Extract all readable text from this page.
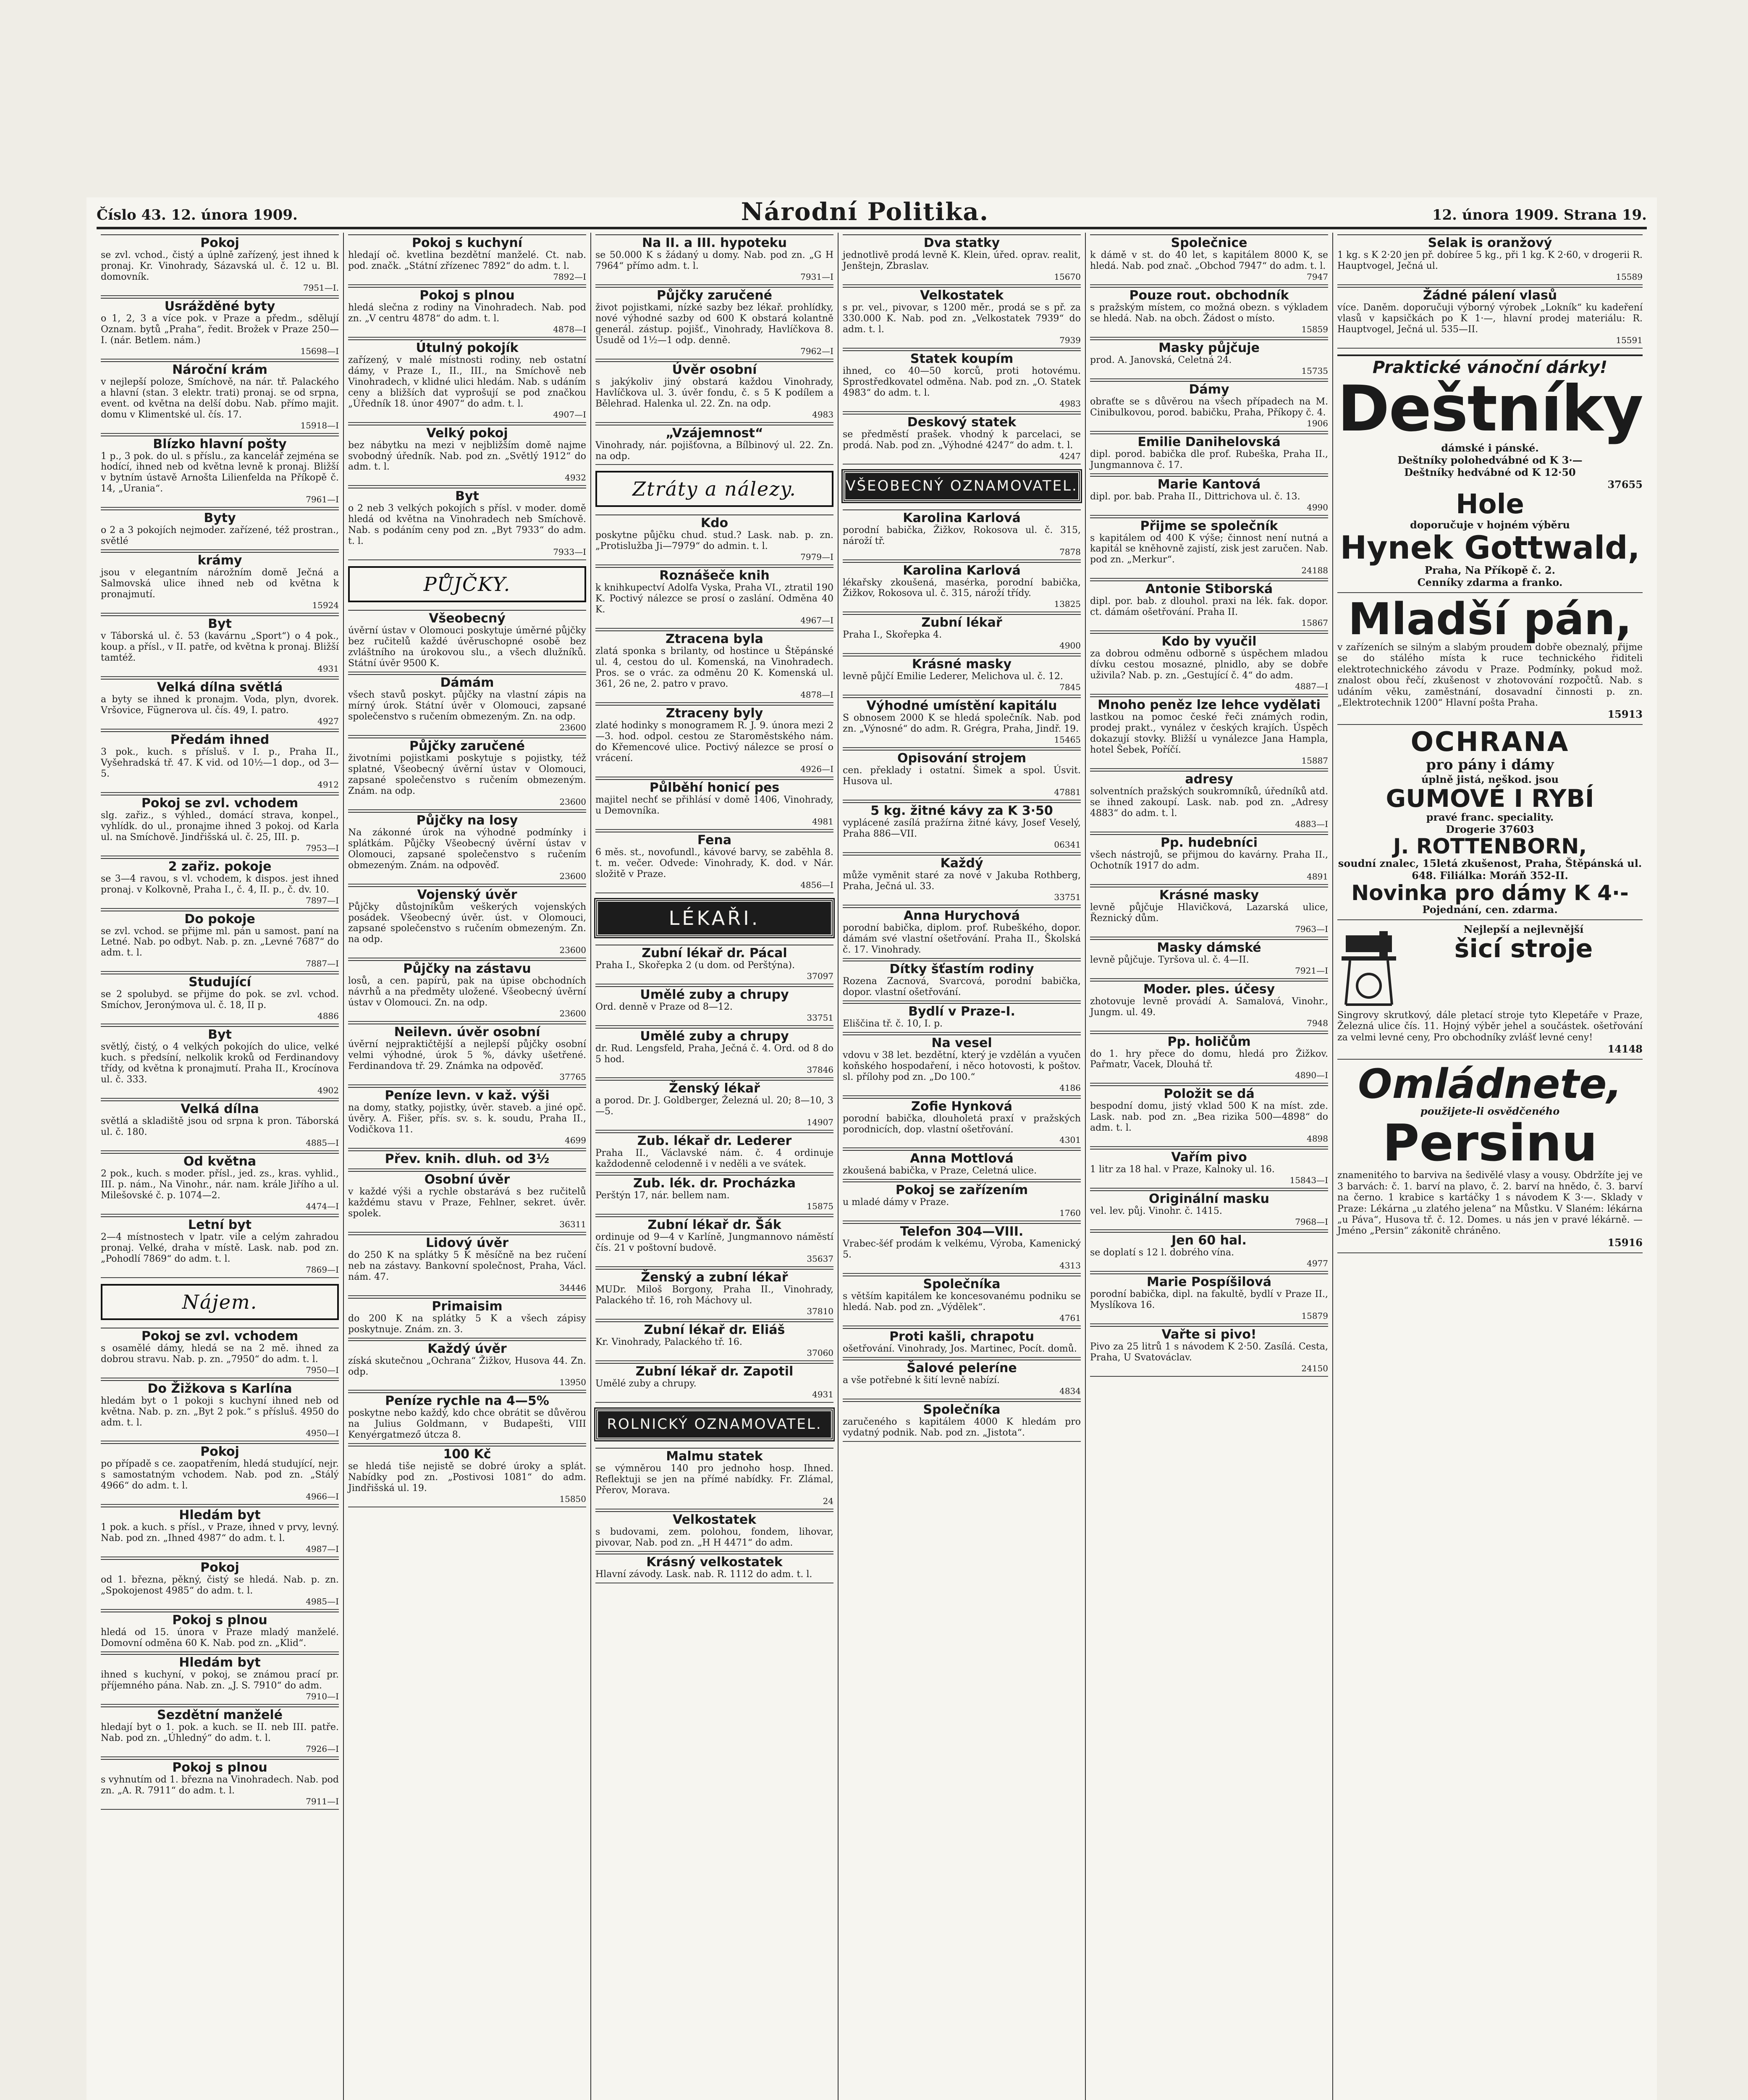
Číslo 43. 12. února 1909.	Národní Politika.	12. února 1909. Strana 19.
Pokoj

se zvl. vchod., čistý a úplně zařízený, jest ihned k pronaj. Kr. Vinohrady, Sázavská ul. č. 12 u. Bl. domovník.

7951—I.
Usrážděné byty

o 1, 2, 3 a více pok. v Praze a předm., sdělují Oznam. bytů „Praha“, ředit. Brožek v Praze 250—I. (nár. Betlem. nám.)

15698—I
Nároční krám

v nejlepší poloze, Smíchově, na nár. tř. Palackého a hlavní (stan. 3 elektr. trati) pronaj. se od srpna, event. od května na delší dobu. Nab. přímo majit. domu v Klimentské ul. čís. 17.

15918—I
Blízko hlavní pošty

1 p., 3 pok. do ul. s příslu., za kancelář zejména se hodící, ihned neb od května levně k pronaj. Bližší v bytním ústavě Arnošta Lilienfelda na Příkopě č. 14, „Urania“.

7961—I
Byty

o 2 a 3 pokojích nejmoder. zařízené, též prostran., světlé

krámy

jsou v elegantním nárožním domě Ječná a Salmovská ulice ihned neb od května k pronajmutí.

15924
Byt

v Táborská ul. č. 53 (kavárnu „Sport“) o 4 pok., koup. a přísl., v II. patře, od května k pronaj. Bližší tamtéž.

4931
Velká dílna světlá

a byty se ihned k pronajm. Voda, plyn, dvorek. Vršovice, Fügnerova ul. čís. 49, I. patro.

4927
Předám ihned

3 pok., kuch. s přísluš. v I. p., Praha II., Vyšehradská tř. 47. K vid. od 10½—1 dop., od 3—5.

4912
Pokoj se zvl. vchodem

slg. zařiz., s výhled., domácí strava, konpel., vyhlídk. do ul., pronajme ihned 3 pokoj. od Karla ul. na Smíchově. Jindřišská ul. č. 25, III. p.

7953—I
2 zařiz. pokoje

se 3—4 ravou, s vl. vchodem, k dispos. jest ihned pronaj. v Kolkovně, Praha I., č. 4, II. p., č. dv. 10.

7897—I
Do pokoje

se zvl. vchod. se přijme ml. pán u samost. paní na Letné. Nab. po odbyt. Nab. p. zn. „Levné 7687“ do adm. t. l.

7887—I
Studující

se 2 spolubyd. se přijme do pok. se zvl. vchod. Smíchov, Jeronýmova ul. č. 18, II p.

4886
Byt

světlý, čistý, o 4 velkých pokojích do ulice, velké kuch. s předsíní, nelkolik kroků od Ferdinandovy třídy, od května k pronajmutí. Praha II., Krocínova ul. č. 333.

4902
Velká dílna

světlá a skladiště jsou od srpna k pron. Táborská ul. č. 180.

4885—I
Od května

2 pok., kuch. s moder. přísl., jed. zs., kras. vyhlid., III. p. nám., Na Vinohr., nár. nam. krále Jiřího a ul. Milešovské č. p. 1074—2.

4474—I
Letní byt

2—4 místnostech v lpatr. vile a celým zahradou pronaj. Velké, draha v místě. Lask. nab. pod zn. „Pohodlí 7869“ do adm. t. l.

7869—I
Nájem.
Pokoj se zvl. vchodem

s osamělé dámy, hledá se na 2 mě. ihned za dobrou stravu. Nab. p. zn. „7950“ do adm. t. l.

7950—I
Do Žižkova s Karlína

hledám byt o 1 pokoji s kuchyní ihned neb od května. Nab. p. zn. „Byt 2 pok.“ s přísluš. 4950 do adm. t. l.

4950—I
Pokoj

po případě s ce. zaopatřením, hledá studující, nejr. s samostatným vchodem. Nab. pod zn. „Stálý 4966“ do adm. t. l.

4966—I
Hledám byt

1 pok. a kuch. s přísl., v Praze, ihned v prvy, levný. Nab. pod zn. „Ihned 4987“ do adm. t. l.

4987—I
Pokoj

od 1. března, pěkný, čistý se hledá. Nab. p. zn. „Spokojenost 4985“ do adm. t. l.

4985—I
Pokoj s plnou

hledá od 15. února v Praze mladý manželé. Domovní odměna 60 K. Nab. pod zn. „Klid“.

Hledám byt

ihned s kuchyní, v pokoj, se známou prací pr. příjemného pána. Nab. zn. „J. S. 7910“ do adm.

7910—I
Sezdětní manželé

hledají byt o 1. pok. a kuch. se II. neb III. patře. Nab. pod zn. „Úhledný“ do adm. t. l.

7926—I
Pokoj s plnou

s vyhnutím od 1. března na Vinohradech. Nab. pod zn. „A. R. 7911“ do adm. t. l.

7911—I
Pokoj s kuchyní

hledají oč. kvetlina bezdětní manželé. Ct. nab. pod. značk. „Státní zřízenec 7892“ do adm. t. l.

7892—I
Pokoj s plnou

hledá slečna z rodiny na Vinohradech. Nab. pod zn. „V centru 4878“ do adm. t. l.

4878—I
Útulný pokojík

zařízený, v malé místnosti rodiny, neb ostatní dámy, v Praze I., II., III., na Smíchově neb Vinohradech, v klidné ulici hledám. Nab. s udáním ceny a bližších dat vyprošují se pod značkou „Úředník 18. únor 4907“ do adm. t. l.

4907—I
Velký pokoj

bez nábytku na mezi v nejbližším domě najme svobodný úředník. Nab. pod zn. „Světlý 1912“ do adm. t. l.

4932
Byt

o 2 neb 3 velkých pokojích s přísl. v moder. domě hledá od května na Vinohradech neb Smíchově. Nab. s podáním ceny pod zn. „Byt 7933“ do adm. t. l.

7933—I
PŮJČKY.
Všeobecný

úvěrní ústav v Olomouci poskytuje úměrné půjčky bez ručitelů každé úvěruschopné osobě bez zvláštního na úrokovou slu., a všech dlužníků. Státní úvěr 9500 K.

Dámám

všech stavů poskyt. půjčky na vlastní zápis na mírný úrok. Státní úvěr v Olomouci, zapsané společenstvo s ručením obmezeným. Zn. na odp.

23600
Půjčky zaručené

životními pojistkami poskytuje s pojistky, též splatné, Všeobecný úvěrní ústav v Olomouci, zapsané společenstvo s ručením obmezeným. Znám. na odp.

23600
Půjčky na losy

Na zákonné úrok na výhodné podmínky i splátkám. Půjčky Všeobecný úvěrní ústav v Olomouci, zapsané společenstvo s ručením obmezeným. Znám. na odpověď.

23600
Vojenský úvěr

Půjčky důstojníkům veškerých vojenských posádek. Všeobecný úvěr. úst. v Olomouci, zapsané společenstvo s ručením obmezeným. Zn. na odp.

23600
Půjčky na zástavu

losů, a cen. papírů, pak na úpise obchodních návrhů a na předměty uložené. Všeobecný úvěrní ústav v Olomouci. Zn. na odp.

23600
Neilevn. úvěr osobní

úvěrní nejpraktičtější a nejlepší půjčky osobní velmi výhodné, úrok 5 %, dávky ušetřené. Ferdinandova tř. 29. Známka na odpověď.

37765
Peníze levn. v kaž. výši

na domy, statky, pojistky, úvěr. staveb. a jiné opč. úvěry. A. Fišer, přís. sv. s. k. soudu, Praha II., Vodičkova 11.

4699
Přev. knih. dluh. od 3½

Osobní úvěr

v každé výši a rychle obstarává s bez ručitelů každému stavu v Praze, Fehlner, sekret. úvěr. spolek.

36311
Lidový úvěr

do 250 K na splátky 5 K měsíčně na bez ručení neb na zástavy. Bankovní společnost, Praha, Václ. nám. 47.

34446
Primaisim

do 200 K na splátky 5 K a všech zápisy poskytnuje. Znám. zn. 3.

Každý úvěr

získá skutečnou „Ochrana“ Žižkov, Husova 44. Zn. odp.

13950
Peníze rychle na 4—5%

poskytne nebo každý, kdo chce obrátit se důvěrou na Julius Goldmann, v Budapešti, VIII Kenyérgatmező útcza 8.

100 Kč

se hledá tiše nejistě se dobré úroky a splát. Nabídky pod zn. „Postivosi 1081“ do adm. Jindřišská ul. 19.

15850
Na II. a III. hypoteku

se 50.000 K s žádaný u domy. Nab. pod zn. „G H 7964“ přímo adm. t. l.

7931—I
Půjčky zaručené

život pojistkami, nízké sazby bez lékař. prohlídky, nové výhodné sazby od 600 K obstará kolantně generál. zástup. pojišť., Vinohrady, Havlíčkova 8. Úsudě od 1½—1 odp. denně.

7962—I
Úvěr osobní

s jakýkoliv jiný obstará každou Vinohrady, Havlíčkova ul. 3. úvěr fondu, č. s 5 K podílem a Bělehrad. Halenka ul. 22. Zn. na odp.

4983
„Vzájemnost“

Vinohrady, nár. pojišťovna, a Bílbinový ul. 22. Zn. na odp.

Ztráty a nálezy.
Kdo

poskytne půjčku chud. stud.? Lask. nab. p. zn. „Protislužba Ji—7979“ do admin. t. l.

7979—I
Roznášeče knih

k knihkupectví Adolfa Vyska, Praha VI., ztratil 190 K. Poctivý nálezce se prosí o zaslání. Odměna 40 K.

4967—I
Ztracena byla

zlatá sponka s brilanty, od hostince u Štěpánské ul. 4, cestou do ul. Komenská, na Vinohradech. Pros. se o vrác. za odměnu 20 K. Komenská ul. 361, 26 ne, 2. patro v pravo.

4878—I
Ztraceny byly

zlaté hodinky s monogramem R. J. 9. února mezi 2—3. hod. odpol. cestou ze Staroměstského nám. do Křemencové ulice. Poctivý nálezce se prosí o vrácení.

4926—I
Půlběhí honicí pes

majitel nechť se přihlásí v domě 1406, Vinohrady, u Demovníka.

4981
Fena

6 měs. st., novofundl., kávové barvy, se zaběhla 8. t. m. večer. Odvede: Vinohrady, K. dod. v Nár. složitě v Praze.

4856—I
LÉKAŘI.
Zubní lékař dr. Pácal

Praha I., Skořepka 2 (u dom. od Perštýna).

37097
Umělé zuby a chrupy

Ord. denně v Praze od 8—12.

33751
Umělé zuby a chrupy

dr. Rud. Lengsfeld, Praha, Ječná č. 4. Ord. od 8 do 5 hod.

37846
Ženský lékař

a porod. Dr. J. Goldberger, Železná ul. 20; 8—10, 3—5.

14907
Zub. lékař dr. Lederer

Praha II., Václavské nám. č. 4 ordinuje každodenně celodenně i v neděli a ve svátek.

Zub. lék. dr. Procházka

Perštýn 17, nár. bellem nam.

15875
Zubní lékař dr. Šák

ordinuje od 9—4 v Karlíně, Jungmannovo náměstí čís. 21 v poštovní budově.

35637
Ženský a zubní lékař

MUDr. Miloš Borgony, Praha II., Vinohrady, Palackého tř. 16, roh Máchovy ul.

37810
Zubní lékař dr. Eliáš

Kr. Vinohrady, Palackého tř. 16.

37060
Zubní lékař dr. Zapotil

Umělé zuby a chrupy.

4931
ROLNICKÝ OZNAMOVATEL.
Malmu statek

se výmněrou 140 pro jednoho hosp. Ihned. Reflektuji se jen na přímé nabídky. Fr. Zlámal, Přerov, Morava.

24
Velkostatek

s budovami, zem. polohou, fondem, lihovar, pivovar, Nab. pod zn. „H H 4471“ do adm.

Krásný velkostatek

Hlavní závody. Lask. nab. R. 1112 do adm. t. l.

Dva statky

jednotlivě prodá levně K. Klein, úřed. oprav. realit, Jenštejn, Zbraslav.

15670
Velkostatek

s pr. vel., pivovar, s 1200 měr., prodá se s př. za 330.000 K. Nab. pod zn. „Velkostatek 7939“ do adm. t. l.

7939
Statek koupím

ihned, co 40—50 korců, proti hotovému. Sprostředkovatel odměna. Nab. pod zn. „O. Statek 4983“ do adm. t. l.

4983
Deskový statek

se předměstí prašek. vhodný k parcelaci, se prodá. Nab. pod zn. „Výhodné 4247“ do adm. t. l.

4247
VŠEOBECNÝ OZNAMOVATEL.
Karolina Karlová

porodní babička, Žižkov, Rokosova ul. č. 315, nároží tř.

7878
Karolina Karlová

lékařsky zkoušená, masérka, porodní babička, Žižkov, Rokosova ul. č. 315, nároží třídy.

13825
Zubní lékař

Praha I., Skořepka 4.

4900
Krásné masky

levně půjčí Emilie Lederer, Melichova ul. č. 12.

7845
Výhodné umístění kapitálu

S obnosem 2000 K se hledá společník. Nab. pod zn. „Výnosné“ do adm. R. Grégra, Praha, Jindř. 19.

15465
Opisování strojem

cen. překlady i ostatní. Šimek a spol. Úsvit. Husova ul.

47881
5 kg. žitné kávy za K 3·50

vyplácené zasílá pražírna žitné kávy, Josef Veselý, Praha 886—VII.

06341
Každý

může vyměnit staré za nové v Jakuba Rothberg, Praha, Ječná ul. 33.

33751
Anna Hurychová

porodní babička, diplom. prof. Rubeškého, dopor. dámám své vlastní ošetřování. Praha II., Školská č. 17. Vinohrady.

Dítky šťastím rodiny

Rozena Zacnová, Svarcová, porodní babička, dopor. vlastní ošetřování.

Bydlí v Praze-I.

Eliščina tř. č. 10, I. p.

Na vesel

vdovu v 38 let. bezdětní, který je vzdělán a vyučen koňského hospodaření, i něco hotovosti, k poštov. sl. přílohy pod zn. „Do 100.“

4186
Zofie Hynková

porodní babička, dlouholetá praxí v pražských porodnicích, dop. vlastní ošetřování.

4301
Anna Mottlová

zkoušená babička, v Praze, Celetná ulice.

Pokoj se zařízením

u mladé dámy v Praze.

1760
Telefon 304—VIII.

Vrabec-šéf prodám k velkému, Výroba, Kamenický 5.

4313
Společníka

s větším kapitálem ke koncesovanému podniku se hledá. Nab. pod zn. „Výdělek“.

4761
Proti kašli, chrapotu

ošetřování. Vinohrady, Jos. Martinec, Pocít. domů.

Šalové peleríne

a vše potřebné k šití levně nabízí.

4834
Společníka

zaručeného s kapitálem 4000 K hledám pro vydatný podnik. Nab. pod zn. „Jistota“.

Společnice

k dámě v st. do 40 let, s kapitálem 8000 K, se hledá. Nab. pod znač. „Obchod 7947“ do adm. t. l.

7947
Pouze rout. obchodník

s pražským místem, co možná obezn. s výkladem se hledá. Nab. na obch. Žádost o místo.

15859
Masky půjčuje

prod. A. Janovská, Celetná 24.

15735
Dámy

obraťte se s důvěrou na všech případech na M. Cinibulkovou, porod. babičku, Praha, Příkopy č. 4.

1906
Emilie Danihelovská

dipl. porod. babička dle prof. Rubeška, Praha II., Jungmannova č. 17.

Marie Kantová

dipl. por. bab. Praha II., Dittrichova ul. č. 13.

4990
Přijme se společník

s kapitálem od 400 K výše; činnost není nutná a kapitál se kněhovně zajistí, zisk jest zaručen. Nab. pod zn. „Merkur“.

24188
Antonie Stiborská

dipl. por. bab. z dlouhol. praxi na lék. fak. dopor. ct. dámám ošetřování. Praha II.

15867
Kdo by vyučil

za dobrou odměnu odborně s úspěchem mladou dívku cestou mosazné, plnidlo, aby se dobře uživila? Nab. p. zn. „Gestující č. 4“ do adm.

4887—I
Mnoho peněz lze lehce vydělati

lastkou na pomoc české řeči známých rodin, prodej prakt., vynález v českých krajích. Úspěch dokazují stovky. Bližší u vynálezce Jana Hampla, hotel Šebek, Poříčí.

15887
adresy

solventních pražských soukromníků, úředníků atd. se ihned zakoupí. Lask. nab. pod zn. „Adresy 4883“ do adm. t. l.

4883—I
Pp. hudebníci

všech nástrojů, se přijmou do kavárny. Praha II., Ochotník 1917 do adm.

4891
Krásné masky

levně půjčuje Hlavičková, Lazarská ulice, Řeznický dům.

7963—I
Masky dámské

levně půjčuje. Tyršova ul. č. 4—II.

7921—I
Moder. ples. účesy

zhotovuje levně provádí A. Samalová, Vinohr., Jungm. ul. 49.

7948
Pp. holičům

do 1. hry přece do domu, hledá pro Žižkov. Pařmatr, Vacek, Dlouhá tř.

4890—I
Položit se dá

bespodní domu, jistý vklad 500 K na míst. zde. Lask. nab. pod zn. „Bea rizika 500—4898“ do adm. t. l.

4898
Vařím pivo

1 litr za 18 hal. v Praze, Kalnoky ul. 16.

15843—I
Originální masku

vel. lev. půj. Vinohr. č. 1415.

7968—I
Jen 60 hal.

se doplatí s 12 l. dobrého vína.

4977
Marie Pospíšilová

porodní babička, dipl. na fakultě, bydlí v Praze II., Myslíkova 16.

15879
Vařte si pivo!

Pivo za 25 litrů 1 s návodem K 2·50. Zasílá. Cesta, Praha, U Svatováclav.

24150
Selak is oranžový

1 kg. s K 2·20 jen př. dobíree 5 kg., při 1 kg. K 2·60, v drogerii R. Hauptvogel, Ječná ul.

15589
Žádné pálení vlasů

více. Daněm. doporučuji výborný výrobek „Lokník“ ku kadeření vlasů v kapsičkách po K 1·—, hlavní prodej materiálu: R. Hauptvogel, Ječná ul. 535—II.

15591

Praktické vánoční dárky!

Deštníky

dámské i pánské.

Deštníky polohedvábné od K 3·—

Deštníky hedvábné od K 12·50

37655

Hole

doporučuje v hojném výběru

Hynek Gottwald,

Praha, Na Příkopě č. 2.

Cenníky zdarma a franko.

Mladší pán,

v zařízeních se silným a slabým proudem dobře obeznalý, přijme se do stálého místa k ruce technického řiditeli elektrotechnického závodu v Praze. Podmínky, pokud mož. znalost obou řečí, zkušenost v zhotovování rozpočtů. Nab. s udáním věku, zaměstnání, dosavadní činnosti p. zn. „Elektrotechnik 1200“ Hlavní pošta Praha.

15913

OCHRANA

pro pány i dámy

úplně jistá, neškod. jsou

GUMOVÉ I RYBÍ

pravé franc. speciality.

Drogerie 37603

J. ROTTENBORN,

soudní znalec, 15letá zkušenost, Praha, Štěpánská ul. 648. Filiálka: Moráň 352-II.

Novinka pro dámy K 4·-

Pojednání, cen. zdarma.

Nejlepší a nejlevnější

šicí stroje

Singrovy skrutkový, dále pletací stroje tyto Klepetáře v Praze, Železná ulice čís. 11. Hojný výběr jehel a součástek. ošetřování za velmi levné ceny, Pro obchodníky zvlášť levné ceny!

14148

Omládnete,

použijete-li osvědčeného

Persinu

znamenitého to barviva na šedivělé vlasy a vousy. Obdržíte jej ve 3 barvách: č. 1. barví na plavo, č. 2. barví na hnědo, č. 3. barví na černo. 1 krabice s kartáčky 1 s návodem K 3·—. Sklady v Praze: Lékárna „u zlatého jelena“ na Můstku. V Slaném: lékárna „u Páva“, Husova tř. č. 12. Domes. u nás jen v pravé lékárně. — Jméno „Persin“ zákonitě chráněno.

15916
